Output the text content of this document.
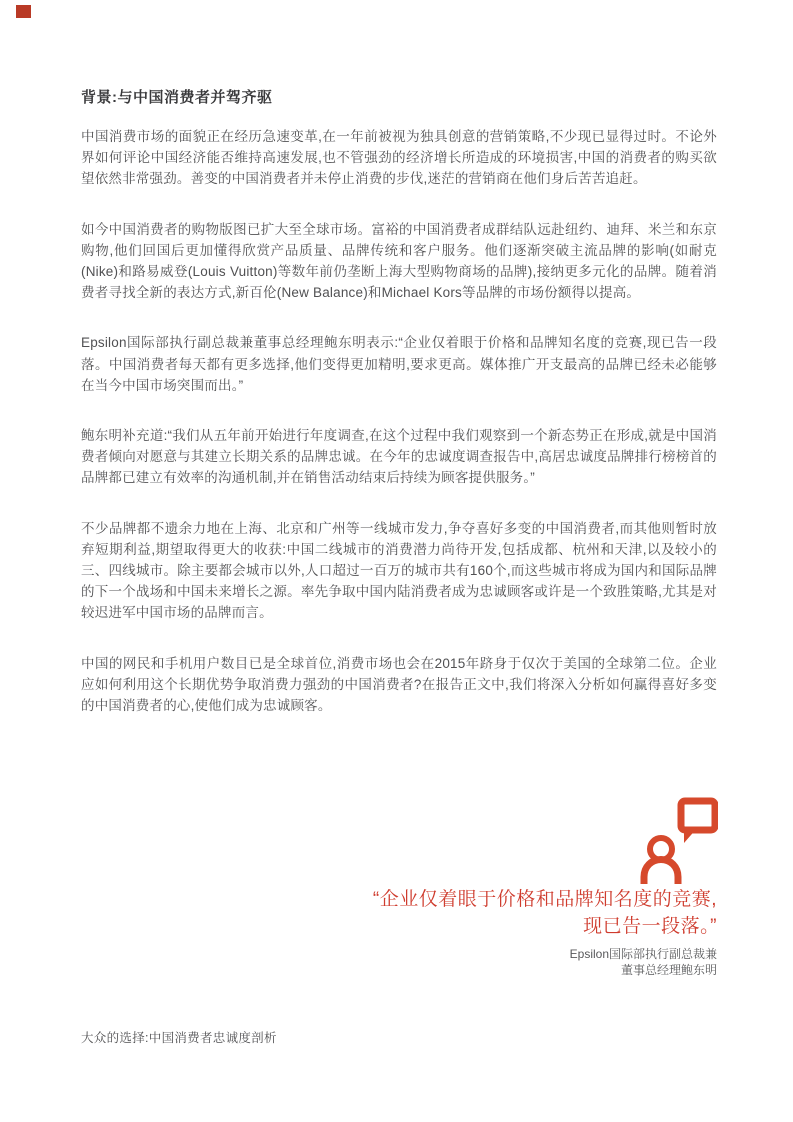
背景:与中国消费者并驾齐驱

中国消费市场的面貌正在经历急速变革,在一年前被视为独具创意的营销策略,不少现已显得过时。不论外界如何评论中国经济能否维持高速发展,也不管强劲的经济增长所造成的环境损害,中国的消费者的购买欲望依然非常强劲。善变的中国消费者并未停止消费的步伐,迷茫的营销商在他们身后苦苦追赶。

如今中国消费者的购物版图已扩大至全球市场。富裕的中国消费者成群结队远赴纽约、迪拜、米兰和东京购物,他们回国后更加懂得欣赏产品质量、品牌传统和客户服务。他们逐渐突破主流品牌的影响(如耐克(Nike)和路易威登(Louis Vuitton)等数年前仍垄断上海大型购物商场的品牌),接纳更多元化的品牌。随着消费者寻找全新的表达方式,新百伦(New Balance)和Michael Kors等品牌的市场份额得以提高。

Epsilon国际部执行副总裁兼董事总经理鲍东明表示:“企业仅着眼于价格和品牌知名度的竞赛,现已告一段落。中国消费者每天都有更多选择,他们变得更加精明,要求更高。媒体推广开支最高的品牌已经未必能够在当今中国市场突围而出。”

鲍东明补充道:“我们从五年前开始进行年度调查,在这个过程中我们观察到一个新态势正在形成,就是中国消费者倾向对愿意与其建立长期关系的品牌忠诚。在今年的忠诚度调查报告中,高居忠诚度品牌排行榜榜首的品牌都已建立有效率的沟通机制,并在销售活动结束后持续为顾客提供服务。”

不少品牌都不遗余力地在上海、北京和广州等一线城市发力,争夺喜好多变的中国消费者,而其他则暂时放弃短期利益,期望取得更大的收获:中国二线城市的消费潜力尚待开发,包括成都、杭州和天津,以及较小的三、四线城市。除主要都会城市以外,人口超过一百万的城市共有160个,而这些城市将成为国内和国际品牌的下一个战场和中国未来增长之源。率先争取中国内陆消费者成为忠诚顾客或许是一个致胜策略,尤其是对较迟进军中国市场的品牌而言。

中国的网民和手机用户数目已是全球首位,消费市场也会在2015年跻身于仅次于美国的全球第二位。企业应如何利用这个长期优势争取消费力强劲的中国消费者?在报告正文中,我们将深入分析如何赢得喜好多变的中国消费者的心,使他们成为忠诚顾客。

“企业仅着眼于价格和品牌知名度的竞赛,
现已告一段落。”
Epsilon国际部执行副总裁兼
董事总经理鲍东明
大众的选择:中国消费者忠诚度剖析
